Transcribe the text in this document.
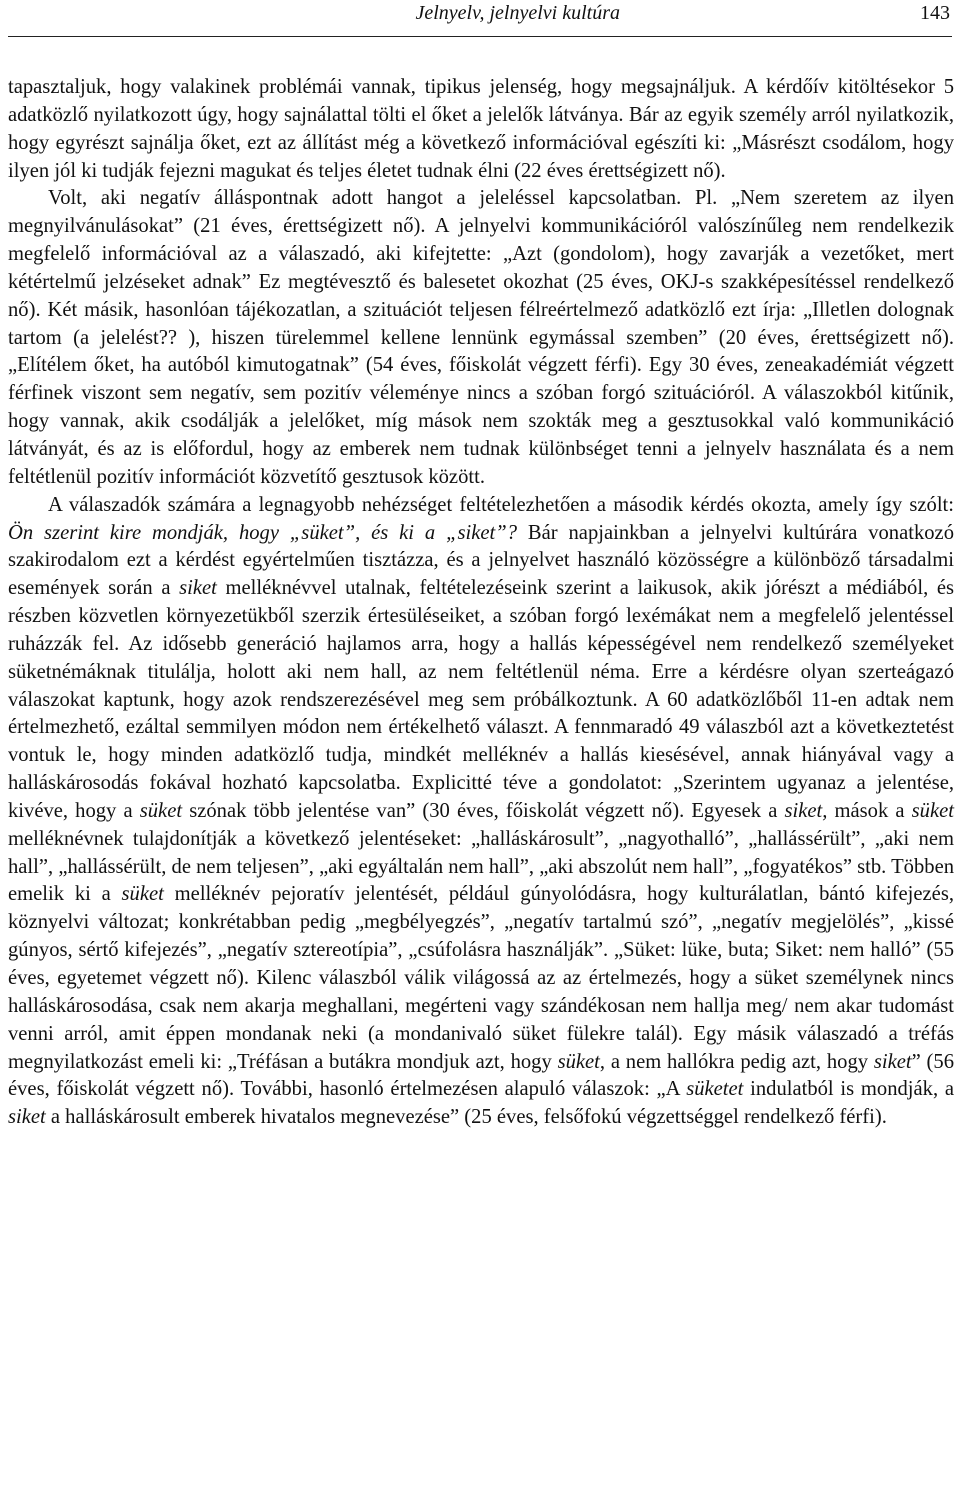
Jelnyelv, jelnyelvi kultúra	143

tapasztaljuk, hogy valakinek problémái vannak, tipikus jelenség, hogy megsajnáljuk. A kérdőív kitöltésekor 5 adatközlő nyilatkozott úgy, hogy sajnálattal tölti el őket a jelelők látványa. Bár az egyik személy arról nyilatkozik, hogy egyrészt sajnálja őket, ezt az állítást még a következő információval egészíti ki: „Másrészt csodálom, hogy ilyen jól ki tudják fejezni magukat és teljes életet tudnak élni (22 éves érettségizett nő).

Volt, aki negatív álláspontnak adott hangot a jeleléssel kapcsolatban. Pl. „Nem szeretem az ilyen megnyilvánulásokat” (21 éves, érettségizett nő). A jelnyelvi kommunikációról valószínűleg nem rendelkezik megfelelő információval az a válaszadó, aki kifejtette: „Azt (gondolom), hogy zavarják a vezetőket, mert kétértelmű jelzéseket adnak” Ez megtévesztő és balesetet okozhat (25 éves, OKJ-s szakképesítéssel rendelkező nő). Két másik, hasonlóan tájékozatlan, a szituációt teljesen félreértelmező adatközlő ezt írja: „Illetlen dolognak tartom (a jelelést?? ), hiszen türelemmel kellene lennünk egymással szemben” (20 éves, érettségizett nő). „Elítélem őket, ha autóból kimutogatnak” (54 éves, főiskolát végzett férfi). Egy 30 éves, zeneakadémiát végzett férfinek viszont sem negatív, sem pozitív véleménye nincs a szóban forgó szituációról. A válaszokból kitűnik, hogy vannak, akik csodálják a jelelőket, míg mások nem szokták meg a gesztusokkal való kommunikáció látványát, és az is előfordul, hogy az emberek nem tudnak különbséget tenni a jelnyelv használata és a nem feltétlenül pozitív információt közvetítő gesztusok között.

A válaszadók számára a legnagyobb nehézséget feltételezhetően a második kérdés okozta, amely így szólt: Ön szerint kire mondják, hogy „süket”, és ki a „siket”? Bár napjainkban a jelnyelvi kultúrára vonatkozó szakirodalom ezt a kérdést egyértelműen tisztázza, és a jelnyelvet használó közösségre a különböző társadalmi események során a siket melléknévvel utalnak, feltételezéseink szerint a laikusok, akik jórészt a médiából, és részben közvetlen környezetükből szerzik értesüléseiket, a szóban forgó lexémákat nem a megfelelő jelentéssel ruházzák fel. Az idősebb generáció hajlamos arra, hogy a hallás képességével nem rendelkező személyeket süketnémáknak titulálja, holott aki nem hall, az nem feltétlenül néma. Erre a kérdésre olyan szerteágazó válaszokat kaptunk, hogy azok rendszerezésével meg sem próbálkoztunk. A 60 adatközlőből 11-en adtak nem értelmezhető, ezáltal semmilyen módon nem értékelhető választ. A fennmaradó 49 válaszból azt a következtetést vontuk le, hogy minden adatközlő tudja, mindkét melléknév a hallás kiesésével, annak hiányával vagy a halláskárosodás fokával hozható kapcsolatba. Explicitté téve a gondolatot: „Szerintem ugyanaz a jelentése, kivéve, hogy a süket szónak több jelentése van” (30 éves, főiskolát végzett nő). Egyesek a siket, mások a süket melléknévnek tulajdonítják a következő jelentéseket: „halláskárosult”, „nagyothalló”, „hallássérült”, „aki nem hall”, „hallássérült, de nem teljesen”, „aki egyáltalán nem hall”, „aki abszolút nem hall”, „fogyatékos” stb. Többen emelik ki a süket melléknév pejoratív jelentését, például gúnyolódásra, hogy kulturálatlan, bántó kifejezés, köznyelvi változat; konkrétabban pedig „megbélyegzés”, „negatív tartalmú szó”, „negatív megjelölés”, „kissé gúnyos, sértő kifejezés”, „negatív sztereotípia”, „csúfolásra használják”. „Süket: lüke, buta; Siket: nem halló” (55 éves, egyetemet végzett nő). Kilenc válaszból válik világossá az az értelmezés, hogy a süket személynek nincs halláskárosodása, csak nem akarja meghallani, megérteni vagy szándékosan nem hallja meg/ nem akar tudomást venni arról, amit éppen mondanak neki (a mondanivaló süket fülekre talál). Egy másik válaszadó a tréfás megnyilatkozást emeli ki: „Tréfásan a butákra mondjuk azt, hogy süket, a nem hallókra pedig azt, hogy siket” (56 éves, főiskolát végzett nő). További, hasonló értelmezésen alapuló válaszok: „A süketet indulatból is mondják, a siket a halláskárosult emberek hivatalos megnevezése” (25 éves, felsőfokú végzettséggel rendelkező férfi).
